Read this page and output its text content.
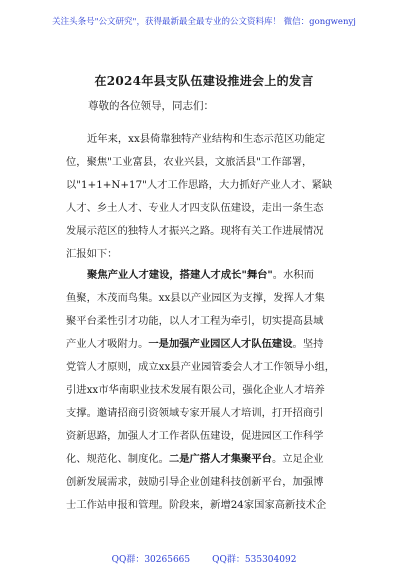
关注头条号"公文研究"，获得最新最全最专业的公文资料库！ 微信：gongwenyj
在2024年县支队伍建设推进会上的发言
尊敬的各位领导，同志们：
近年来，xx县倚靠独特产业结构和生态示范区功能定
位，聚焦"工业富县，农业兴县，文旅活县"工作部署，
以"1+1+N+17"人才工作思路，大力抓好产业人才、紧缺
人才、乡土人才、专业人才四支队伍建设，走出一条生态
发展示范区的独特人才振兴之路。现将有关工作进展情况
汇报如下：
聚焦产业人才建设，搭建人才成长"舞台"。水积而
鱼聚，木茂而鸟集。xx县以产业园区为支撑，发挥人才集
聚平台柔性引才功能，以人才工程为牵引，切实提高县域
产业人才吸附力。一是加强产业园区人才队伍建设。坚持
党管人才原则，成立xx县产业园管委会人才工作领导小组，
引进xx市华南职业技术发展有限公司，强化企业人才培养
支撑。邀请招商引资领域专家开展人才培训，打开招商引
资新思路，加强人才工作者队伍建设，促进园区工作科学
化、规范化、制度化。二是广搭人才集聚平台。立足企业
创新发展需求，鼓励引导企业创建科技创新平台，加强博
士工作站申报和管理。阶段来，新增24家国家高新技术企
QQ群：30265665 QQ群：535304092
